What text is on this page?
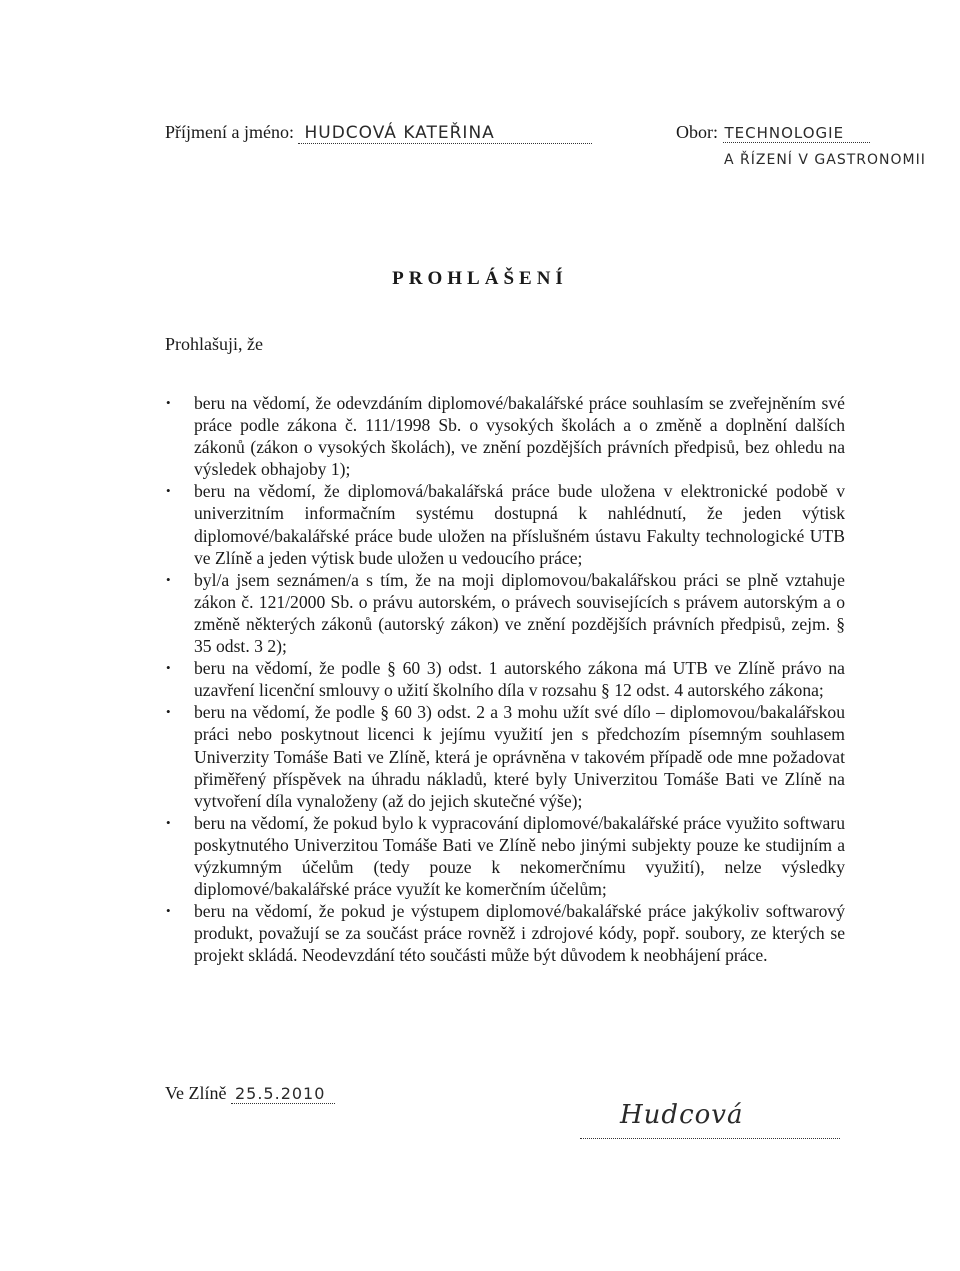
Příjmení a jméno: HUDCOVÁ KATEŘINA	Obor: TECHNOLOGIE
A ŘÍZENÍ V GASTRONOMII
PROHLÁŠENÍ
Prohlašuji, že
• beru na vědomí, že odevzdáním diplomové/bakalářské práce souhlasím se zveřejněním své práce podle zákona č. 111/1998 Sb. o vysokých školách a o změně a doplnění dalších zákonů (zákon o vysokých školách), ve znění pozdějších právních předpisů, bez ohledu na výsledek obhajoby 1);
• beru na vědomí, že diplomová/bakalářská práce bude uložena v elektronické podobě v univerzitním informačním systému dostupná k nahlédnutí, že jeden výtisk diplomové/bakalářské práce bude uložen na příslušném ústavu Fakulty technologické UTB ve Zlíně a jeden výtisk bude uložen u vedoucího práce;
• byl/a jsem seznámen/a s tím, že na moji diplomovou/bakalářskou práci se plně vztahuje zákon č. 121/2000 Sb. o právu autorském, o právech souvisejících s právem autorským a o změně některých zákonů (autorský zákon) ve znění pozdějších právních předpisů, zejm. § 35 odst. 3 2);
• beru na vědomí, že podle § 60 3) odst. 1 autorského zákona má UTB ve Zlíně právo na uzavření licenční smlouvy o užití školního díla v rozsahu § 12 odst. 4 autorského zákona;
• beru na vědomí, že podle § 60 3) odst. 2 a 3 mohu užít své dílo – diplomovou/bakalářskou práci nebo poskytnout licenci k jejímu využití jen s předchozím písemným souhlasem Univerzity Tomáše Bati ve Zlíně, která je oprávněna v takovém případě ode mne požadovat přiměřený příspěvek na úhradu nákladů, které byly Univerzitou Tomáše Bati ve Zlíně na vytvoření díla vynaloženy (až do jejich skutečné výše);
• beru na vědomí, že pokud bylo k vypracování diplomové/bakalářské práce využito softwaru poskytnutého Univerzitou Tomáše Bati ve Zlíně nebo jinými subjekty pouze ke studijním a výzkumným účelům (tedy pouze k nekomerčnímu využití), nelze výsledky diplomové/bakalářské práce využít ke komerčním účelům;
• beru na vědomí, že pokud je výstupem diplomové/bakalářské práce jakýkoliv softwarový produkt, považují se za součást práce rovněž i zdrojové kódy, popř. soubory, ze kterých se projekt skládá. Neodevzdání této součásti může být důvodem k neobhájení práce.
Ve Zlíně 25.5.2010
Hudcová
